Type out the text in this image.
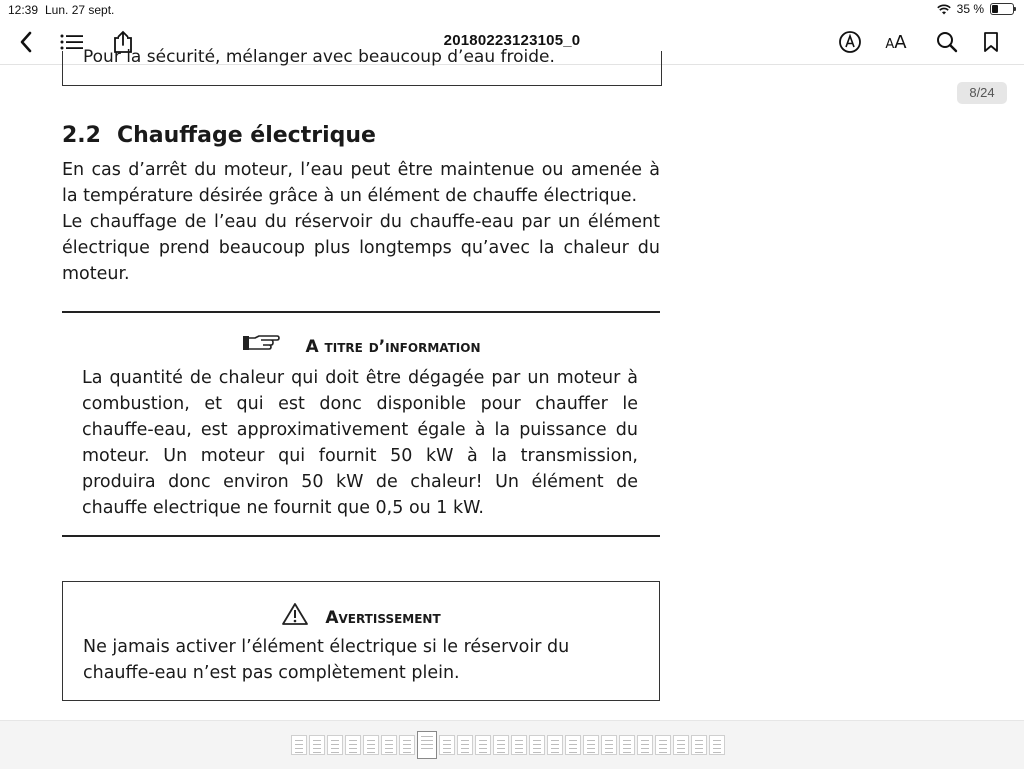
12:39 Lun. 27 sept.	35 %
20180223123105_0	AA
Pour la sécurité, mélanger avec beaucoup d’eau froide.
2.2 Chauffage électrique
En cas d’arrêt du moteur, l’eau peut être maintenue ou amenée à la température désirée grâce à un élément de chauffe électrique.
Le chauffage de l’eau du réservoir du chauffe-eau par un élément électrique prend beaucoup plus longtemps qu’avec la chaleur du moteur.
A titre d’information
La quantité de chaleur qui doit être dégagée par un moteur à combustion, et qui est donc disponible pour chauffer le chauffe-eau, est approximativement égale à la puissance du moteur. Un moteur qui fournit 50 kW à la transmission, produira donc environ 50 kW de chaleur! Un élément de chauffe electrique ne fournit que 0,5 ou 1 kW.
Avertissement
Ne jamais activer l’élément électrique si le réservoir du chauffe-eau n’est pas complètement plein.
8/24
